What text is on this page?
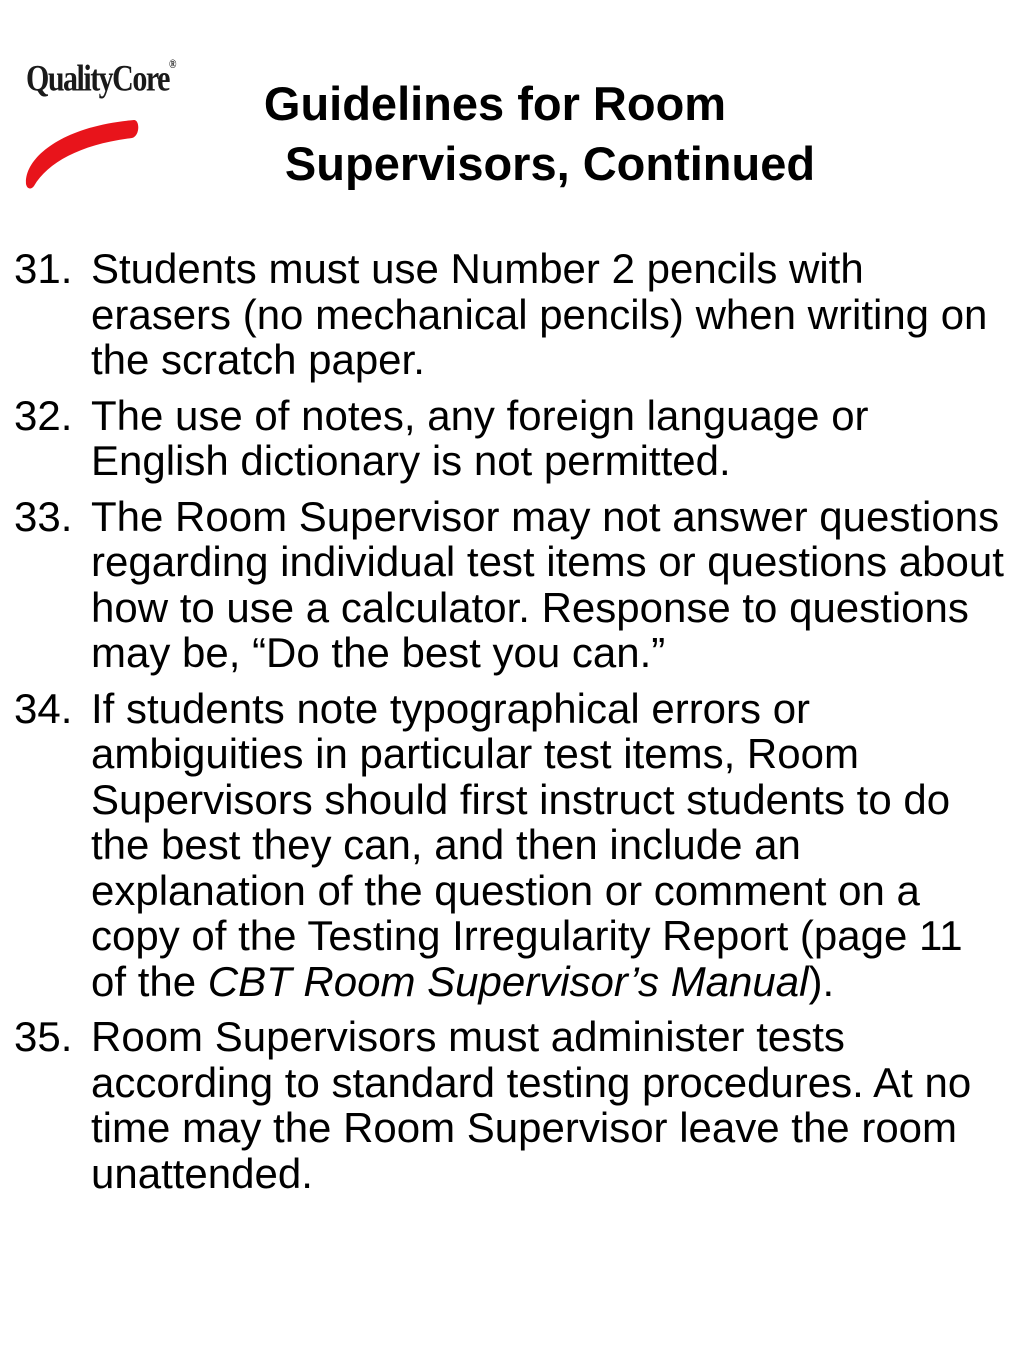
QualityCore®
Guidelines for Room
Supervisors, Continued
31. Students must use Number 2 pencils with erasers (no mechanical pencils) when writing on the scratch paper.
32. The use of notes, any foreign language or English dictionary is not permitted.
33. The Room Supervisor may not answer questions regarding individual test items or questions about how to use a calculator. Response to questions may be, “Do the best you can.”
34. If students note typographical errors or ambiguities in particular test items, Room Supervisors should first instruct students to do the best they can, and then include an explanation of the question or comment on a copy of the Testing Irregularity Report (page 11 of the CBT Room Supervisor’s Manual).
35. Room Supervisors must administer tests according to standard testing procedures. At no time may the Room Supervisor leave the room unattended.
